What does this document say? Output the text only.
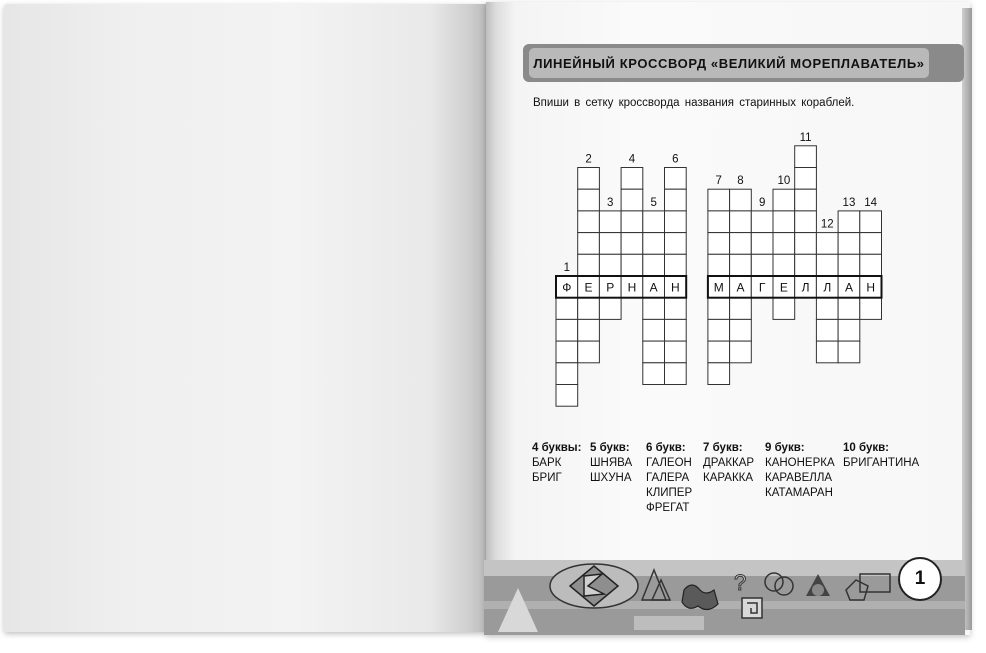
ЛИНЕЙНЫЙ КРОССВОРД «ВЕЛИКИЙ МОРЕПЛАВАТЕЛЬ»
Впиши в сетку кроссворда названия старинных кораблей.
Ф Е Р Н А Н	М А Г Е Л Л А Н
1
2
3
4
5
6
7 8
9
10
11
12
13 14
4 буквы:
БАРК
БРИГ
5 букв:
ШНЯВА
ШХУНА
6 букв:
ГАЛЕОН
ГАЛЕРА
КЛИПЕР
ФРЕГАТ
7 букв:
ДРАККАР
КАРАККА
9 букв:
КАНОНЕРКА
КАРАВЕЛЛА
КАТАМАРАН
10 букв:
БРИГАНТИНА
?	1
